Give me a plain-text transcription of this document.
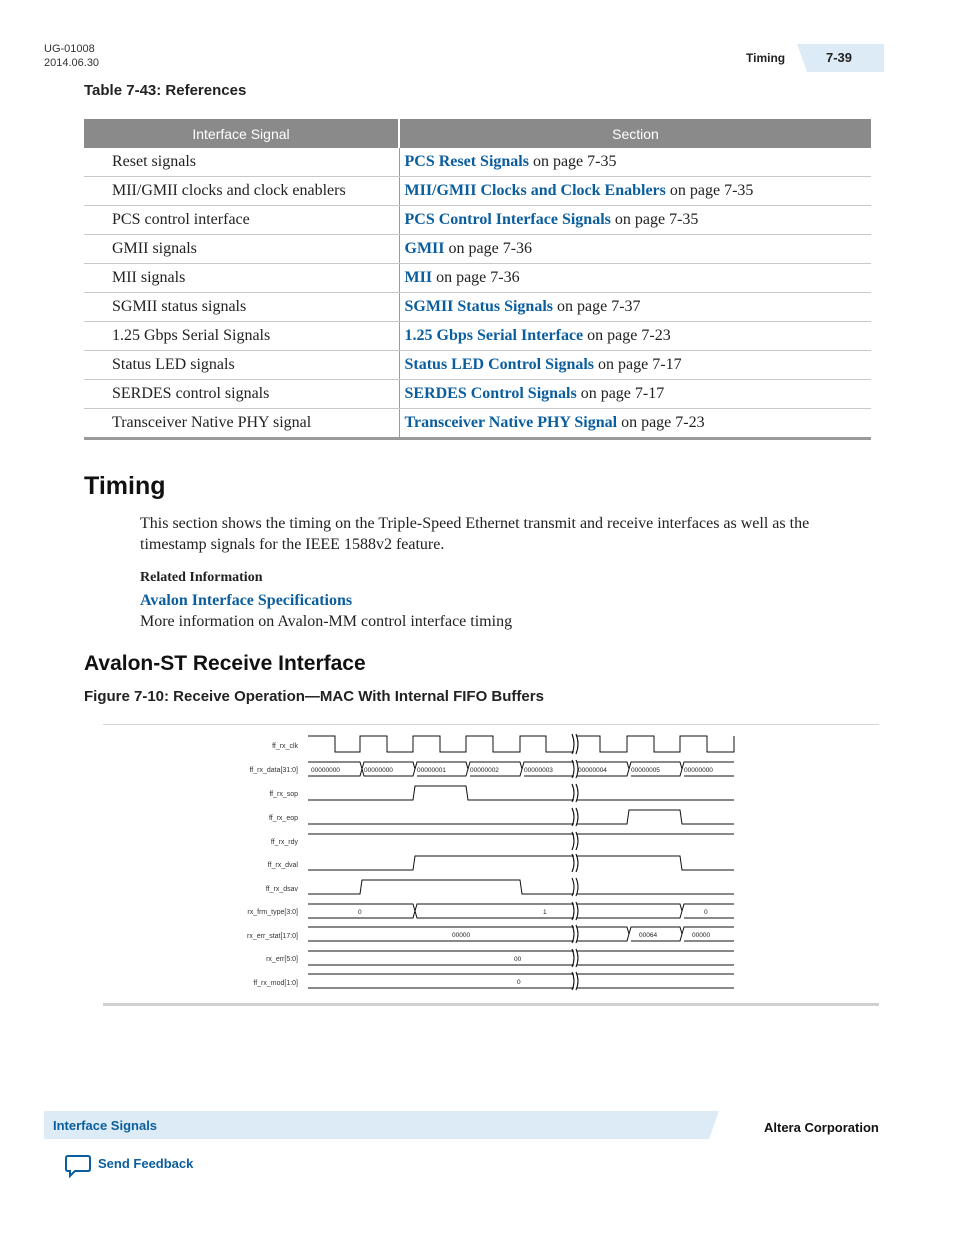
UG-01008
2014.06.30	Timing	7-39
Table 7-43: References
Interface Signal	Section
Reset signals	PCS Reset Signals on page 7-35
MII/GMII clocks and clock enablers	MII/GMII Clocks and Clock Enablers on page 7-35
PCS control interface	PCS Control Interface Signals on page 7-35
GMII signals	GMII on page 7-36
MII signals	MII on page 7-36
SGMII status signals	SGMII Status Signals on page 7-37
1.25 Gbps Serial Signals	1.25 Gbps Serial Interface on page 7-23
Status LED signals	Status LED Control Signals on page 7-17
SERDES control signals	SERDES Control Signals on page 7-17
Transceiver Native PHY signal	Transceiver Native PHY Signal on page 7-23
Timing
This section shows the timing on the Triple-Speed Ethernet transmit and receive interfaces as well as the timestamp signals for the IEEE 1588v2 feature.
Related Information
Avalon Interface Specifications
More information on Avalon-MM control interface timing
Avalon-ST Receive Interface
Figure 7-10: Receive Operation—MAC With Internal FIFO Buffers
ff_rx_clk
ff_rx_data[31:0]
ff_rx_sop
ff_rx_eop
ff_rx_rdy
ff_rx_dval
ff_rx_dsav
rx_frm_type[3:0]
rx_err_stat[17:0]
rx_err[5:0]
ff_rx_mod[1:0]
00000000	00000000	00000001	00000002	00000003	00000004	00000005	00000000
0	1	0
00000	00064	00000
00
0
Interface Signals	Altera Corporation
Send Feedback
